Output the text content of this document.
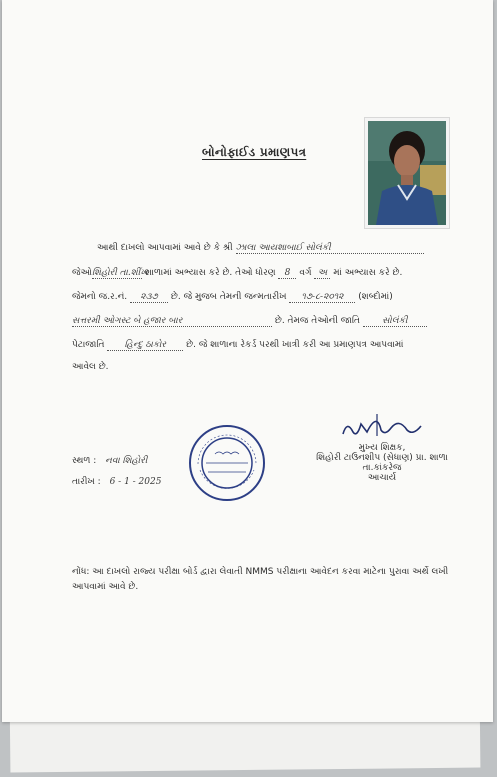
બોનોફાઈડ પ્રમાણપત્ર
આથી દાખલો આપવામાં આવે છે કે શ્રી ઝાલા આયશાબાઈ સોલંકી
જેઓશિહોરી તા.શીંખ શાળામાં અભ્યાસ કરે છે. તેઓ ધોરણ 8 વર્ગ અ માં અભ્યાસ કરે છે.
જેમનો જ.ર.નં. ૨૩૭ છે. જે મુજબ તેમની જન્મતારીખ ૧૭-૮-૨૦૧૨ (શબ્દોમાં)
સત્તરમી ઓગસ્ટ બે હજાર બાર	છે. તેમજ તેઓની જાતિ સોલંકી
પેટાજાતિ હિન્દુ ઠાકોર છે. જે શાળાના રેકર્ડ પરથી ખાત્રી કરી આ પ્રમાણપત્ર આપવામાં
આવેલ છે.
સ્થળ : નવા શિહોરી
તારીખ : 6 - 1 - 2025
મુખ્ય શિક્ષક,
શિહોરી ટાઉનશીપ (સેધાણ) પ્રા. શાળા
તા.કાંકરેજ
આચાર્ય
નોંધ: આ દાખલો રાજ્ય પરીક્ષા બોર્ડ દ્વારા લેવાતી NMMS પરીક્ષાના આવેદન કરવા માટેના પુરાવા અર્થે લખી આપવામાં આવે છે.
